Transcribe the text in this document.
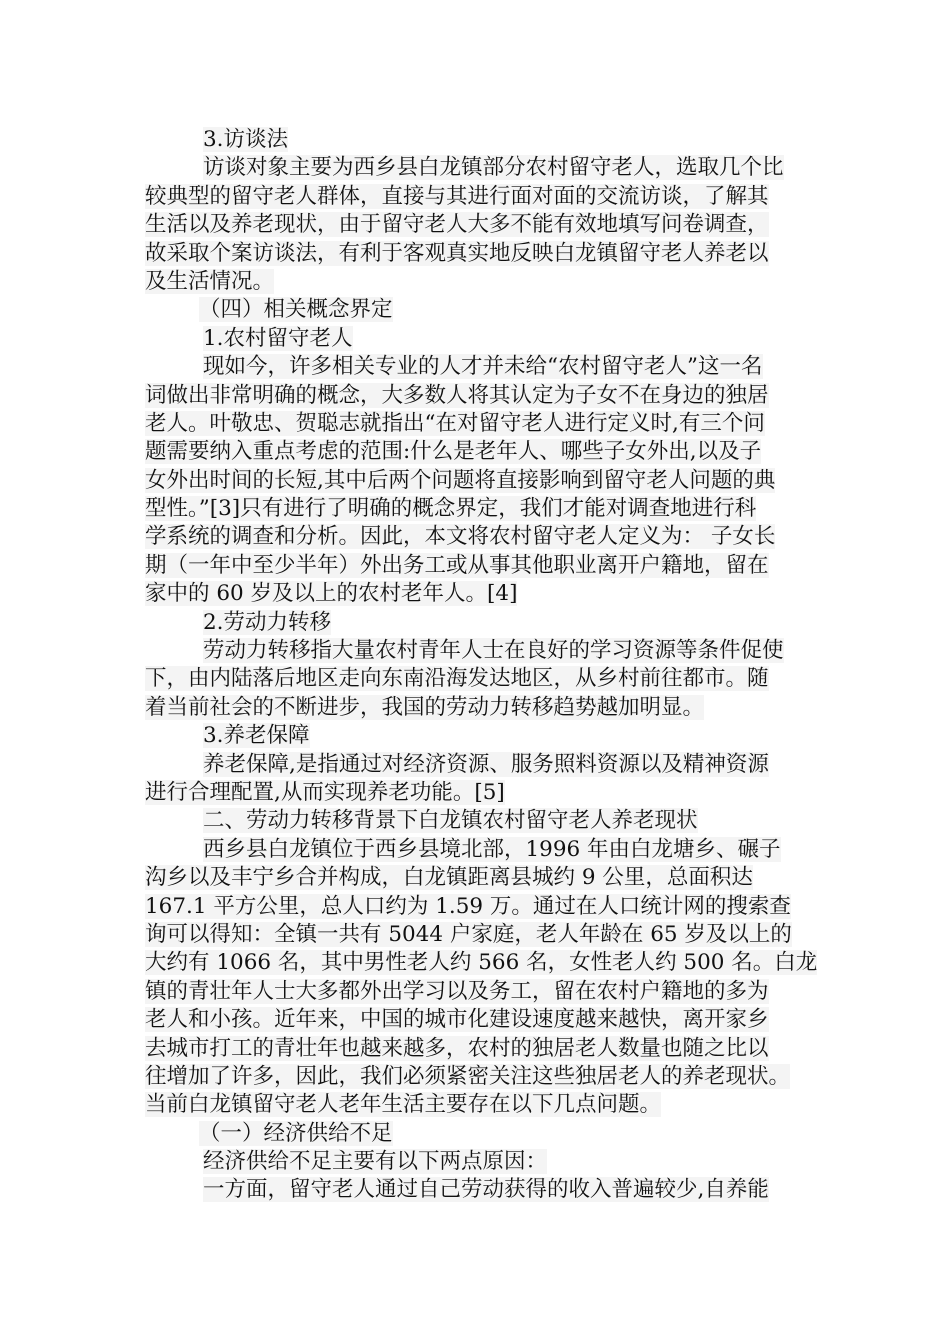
3.访谈法
访谈对象主要为西乡县白龙镇部分农村留守老人，选取几个比
较典型的留守老人群体，直接与其进行面对面的交流访谈，了解其
生活以及养老现状，由于留守老人大多不能有效地填写问卷调查，
故采取个案访谈法，有利于客观真实地反映白龙镇留守老人养老以
及生活情况。
（四）相关概念界定
1.农村留守老人
现如今，许多相关专业的人才并未给“农村留守老人”这一名
词做出非常明确的概念，大多数人将其认定为子女不在身边的独居
老人。叶敬忠、贺聪志就指出“在对留守老人进行定义时,有三个问
题需要纳入重点考虑的范围:什么是老年人、哪些子女外出,以及子
女外出时间的长短,其中后两个问题将直接影响到留守老人问题的典
型性。”[3]只有进行了明确的概念界定，我们才能对调查地进行科
学系统的调查和分析。因此，本文将农村留守老人定义为： 子女长
期（一年中至少半年）外出务工或从事其他职业离开户籍地，留在
家中的 60 岁及以上的农村老年人。[4]
2.劳动力转移
劳动力转移指大量农村青年人士在良好的学习资源等条件促使
下，由内陆落后地区走向东南沿海发达地区，从乡村前往都市。随
着当前社会的不断进步，我国的劳动力转移趋势越加明显。
3.养老保障
养老保障,是指通过对经济资源、服务照料资源以及精神资源
进行合理配置,从而实现养老功能。[5]
二、劳动力转移背景下白龙镇农村留守老人养老现状
西乡县白龙镇位于西乡县境北部，1996 年由白龙塘乡、碾子
沟乡以及丰宁乡合并构成，白龙镇距离县城约 9 公里，总面积达
167.1 平方公里，总人口约为 1.59 万。通过在人口统计网的搜索查
询可以得知：全镇一共有 5044 户家庭，老人年龄在 65 岁及以上的
大约有 1066 名，其中男性老人约 566 名，女性老人约 500 名。白龙
镇的青壮年人士大多都外出学习以及务工，留在农村户籍地的多为
老人和小孩。近年来，中国的城市化建设速度越来越快，离开家乡
去城市打工的青壮年也越来越多，农村的独居老人数量也随之比以
往增加了许多，因此，我们必须紧密关注这些独居老人的养老现状。
当前白龙镇留守老人老年生活主要存在以下几点问题。
（一）经济供给不足
经济供给不足主要有以下两点原因：
一方面，留守老人通过自己劳动获得的收入普遍较少,自养能
